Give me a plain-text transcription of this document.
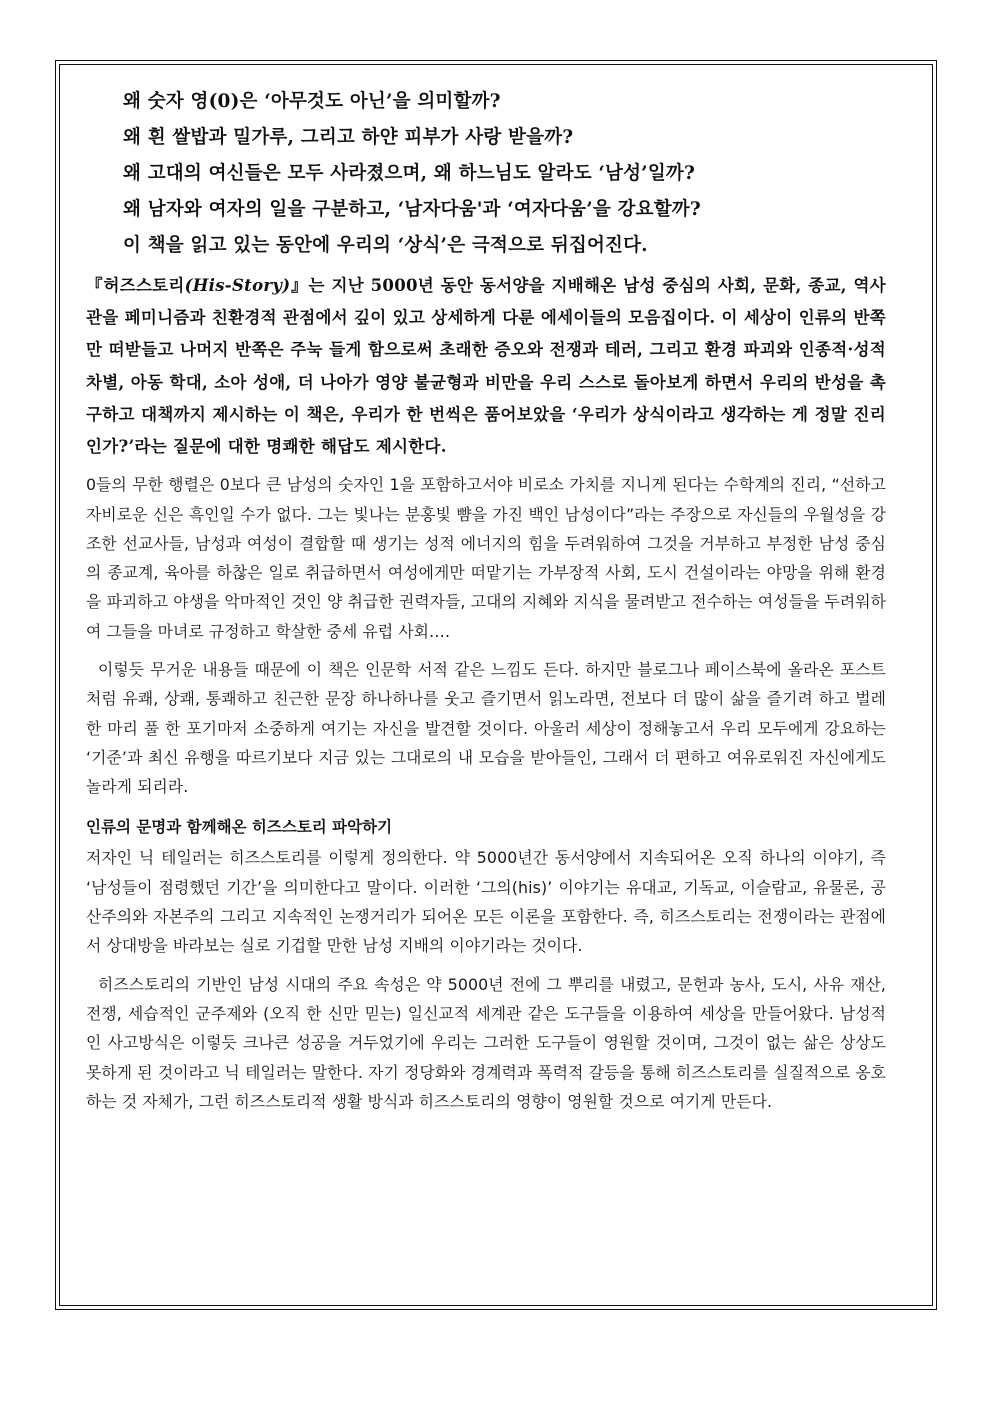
왜 숫자 영(0)은 ‘아무것도 아닌’을 의미할까?
왜 흰 쌀밥과 밀가루, 그리고 하얀 피부가 사랑 받을까?
왜 고대의 여신들은 모두 사라졌으며, 왜 하느님도 알라도 ‘남성’일까?
왜 남자와 여자의 일을 구분하고, ‘남자다움'과 ‘여자다움’을 강요할까?
이 책을 읽고 있는 동안에 우리의 ‘상식’은 극적으로 뒤집어진다.

『허즈스토리(His-Story)』는 지난 5000년 동안 동서양을 지배해온 남성 중심의 사회, 문화, 종교, 역사관을 페미니즘과 친환경적 관점에서 깊이 있고 상세하게 다룬 에세이들의 모음집이다. 이 세상이 인류의 반쪽만 떠받들고 나머지 반쪽은 주눅 들게 함으로써 초래한 증오와 전쟁과 테러, 그리고 환경 파괴와 인종적·성적 차별, 아동 학대, 소아 성애, 더 나아가 영양 불균형과 비만을 우리 스스로 돌아보게 하면서 우리의 반성을 촉구하고 대책까지 제시하는 이 책은, 우리가 한 번씩은 품어보았을 ‘우리가 상식이라고 생각하는 게 정말 진리인가?’라는 질문에 대한 명쾌한 해답도 제시한다.

0들의 무한 행렬은 0보다 큰 남성의 숫자인 1을 포함하고서야 비로소 가치를 지니게 된다는 수학계의 진리, “선하고 자비로운 신은 흑인일 수가 없다. 그는 빛나는 분홍빛 뺨을 가진 백인 남성이다”라는 주장으로 자신들의 우월성을 강조한 선교사들, 남성과 여성이 결합할 때 생기는 성적 에너지의 힘을 두려워하여 그것을 거부하고 부정한 남성 중심의 종교계, 육아를 하찮은 일로 취급하면서 여성에게만 떠맡기는 가부장적 사회, 도시 건설이라는 야망을 위해 환경을 파괴하고 야생을 악마적인 것인 양 취급한 권력자들, 고대의 지혜와 지식을 물려받고 전수하는 여성들을 두려워하여 그들을 마녀로 규정하고 학살한 중세 유럽 사회….

이렇듯 무거운 내용들 때문에 이 책은 인문학 서적 같은 느낌도 든다. 하지만 블로그나 페이스북에 올라온 포스트처럼 유쾌, 상쾌, 통쾌하고 친근한 문장 하나하나를 웃고 즐기면서 읽노라면, 전보다 더 많이 삶을 즐기려 하고 벌레 한 마리 풀 한 포기마저 소중하게 여기는 자신을 발견할 것이다. 아울러 세상이 정해놓고서 우리 모두에게 강요하는 ‘기준’과 최신 유행을 따르기보다 지금 있는 그대로의 내 모습을 받아들인, 그래서 더 편하고 여유로워진 자신에게도 놀라게 되리라.

인류의 문명과 함께해온 히즈스토리 파악하기

저자인 닉 테일러는 히즈스토리를 이렇게 정의한다. 약 5000년간 동서양에서 지속되어온 오직 하나의 이야기, 즉 ‘남성들이 점령했던 기간’을 의미한다고 말이다. 이러한 ‘그의(his)’ 이야기는 유대교, 기독교, 이슬람교, 유물론, 공산주의와 자본주의 그리고 지속적인 논쟁거리가 되어온 모든 이론을 포함한다. 즉, 히즈스토리는 전쟁이라는 관점에서 상대방을 바라보는 실로 기겁할 만한 남성 지배의 이야기라는 것이다.

히즈스토리의 기반인 남성 시대의 주요 속성은 약 5000년 전에 그 뿌리를 내렸고, 문헌과 농사, 도시, 사유 재산, 전쟁, 세습적인 군주제와 (오직 한 신만 믿는) 일신교적 세계관 같은 도구들을 이용하여 세상을 만들어왔다. 남성적인 사고방식은 이렇듯 크나큰 성공을 거두었기에 우리는 그러한 도구들이 영원할 것이며, 그것이 없는 삶은 상상도 못하게 된 것이라고 닉 테일러는 말한다. 자기 정당화와 경계력과 폭력적 갈등을 통해 히즈스토리를 실질적으로 옹호하는 것 자체가, 그런 히즈스토리적 생활 방식과 히즈스토리의 영향이 영원할 것으로 여기게 만든다.
